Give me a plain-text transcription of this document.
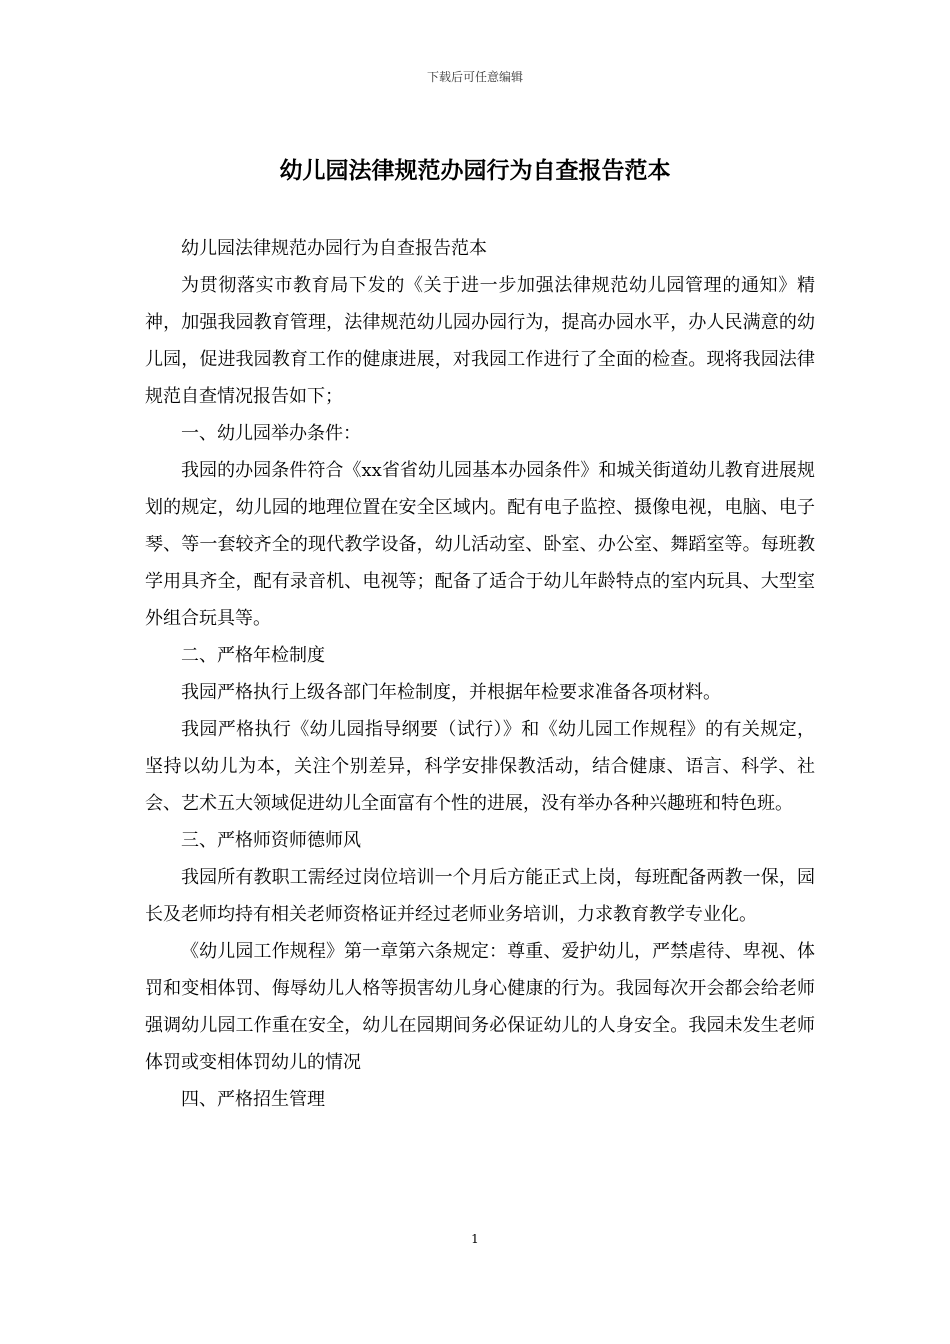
下载后可任意编辑
幼儿园法律规范办园行为自查报告范本

幼儿园法律规范办园行为自查报告范本

为贯彻落实市教育局下发的《关于进一步加强法律规范幼儿园管理的通知》精神，加强我园教育管理，法律规范幼儿园办园行为，提高办园水平，办人民满意的幼儿园，促进我园教育工作的健康进展，对我园工作进行了全面的检查。现将我园法律规范自查情况报告如下；

一、幼儿园举办条件：

我园的办园条件符合《xx省省幼儿园基本办园条件》和城关街道幼儿教育进展规划的规定，幼儿园的地理位置在安全区域内。配有电子监控、摄像电视，电脑、电子琴、等一套较齐全的现代教学设备，幼儿活动室、卧室、办公室、舞蹈室等。每班教学用具齐全，配有录音机、电视等；配备了适合于幼儿年龄特点的室内玩具、大型室外组合玩具等。

二、严格年检制度

我园严格执行上级各部门年检制度，并根据年检要求准备各项材料。

我园严格执行《幼儿园指导纲要（试行）》和《幼儿园工作规程》的有关规定，坚持以幼儿为本，关注个别差异，科学安排保教活动，结合健康、语言、科学、社会、艺术五大领域促进幼儿全面富有个性的进展，没有举办各种兴趣班和特色班。

三、严格师资师德师风

我园所有教职工需经过岗位培训一个月后方能正式上岗，每班配备两教一保，园长及老师均持有相关老师资格证并经过老师业务培训，力求教育教学专业化。

《幼儿园工作规程》第一章第六条规定：尊重、爱护幼儿，严禁虐待、卑视、体罚和变相体罚、侮辱幼儿人格等损害幼儿身心健康的行为。我园每次开会都会给老师强调幼儿园工作重在安全，幼儿在园期间务必保证幼儿的人身安全。我园未发生老师体罚或变相体罚幼儿的情况

四、严格招生管理

1
